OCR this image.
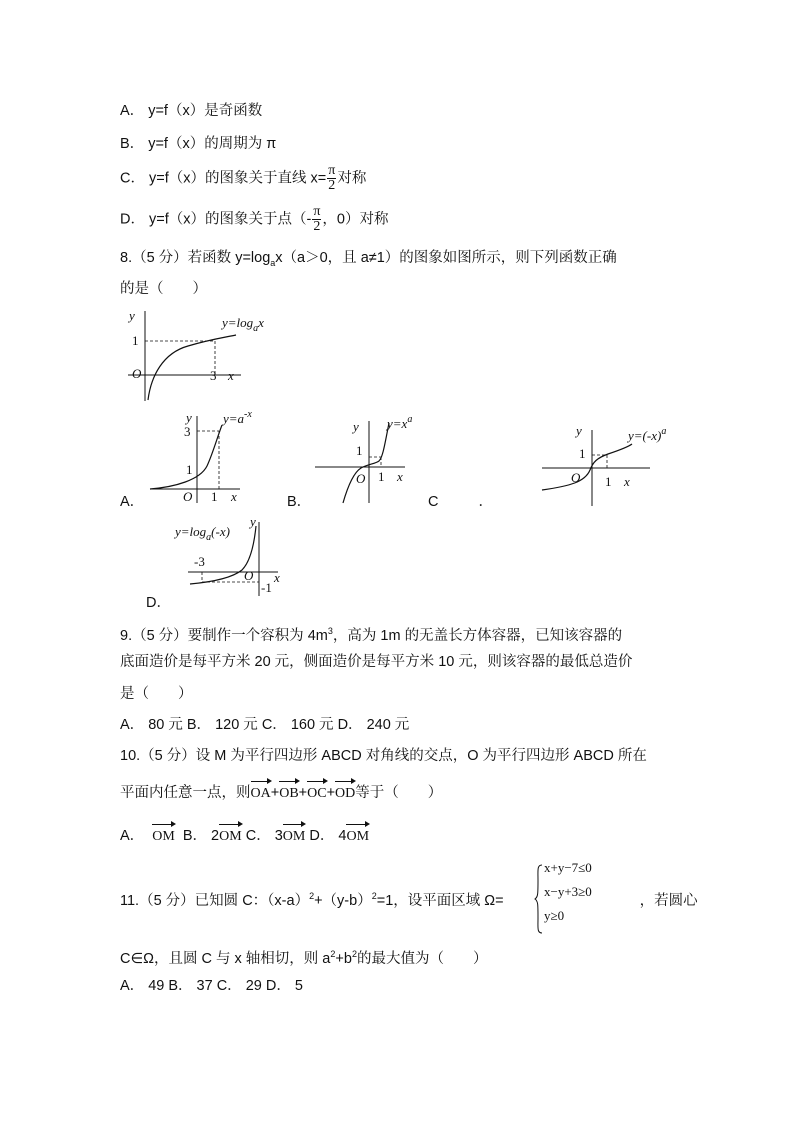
A． y=f（x）是奇函数
B． y=f（x）的周期为 π
C． y=f（x）的图象关于直线 $x= \frac{\pi}{2}$ 对称
D． y=f（x）的图象关于点（- $\frac{\pi}{2}$ ，0）对称
8.（5 分）若函数 $y=\log_ax(a>0$，且 a≠1）的图象如图所示，则下列函数正确
的是（　　）
y
1
O	3 x
$y=\log_ax$
A．
y
3
1
O 1 x
$y=a^{-x}$
B．
y
1
O 1 x
$y=x^a$
C	．
y
1
O 1 x
$y=(-x)^a$
D．
y
-3
O
-1
x
$y=\log_a(-x)$
9.（5 分）要制作一个容积为 $4m^3$，高为 1m 的无盖长方体容器，已知该容器的
底面造价是每平方米 20 元，侧面造价是每平方米 10 元，则该容器的最低总造价
是（　　）
A． 80 元 B． 120 元 C． 160 元 D． 240 元
10.（5 分）设 M 为平行四边形 ABCD 对角线的交点，O 为平行四边形 ABCD 所在
平面内任意一点，则OA+OB+OC+OD等于（　　）
A． OM B． 2OM C． 3OM D． 4OM
11.（5 分）已知圆 C：$(x-a)^2+(y-b)^2=1$，设平面区域 Ω=	，若圆心
x+y−7≤0
x−y+3≥0
y≥0
C∈Ω，且圆 C 与 x 轴相切，则 $a^2+b^2$的最大值为（　　）
A． 49 B． 37 C． 29 D． 5
